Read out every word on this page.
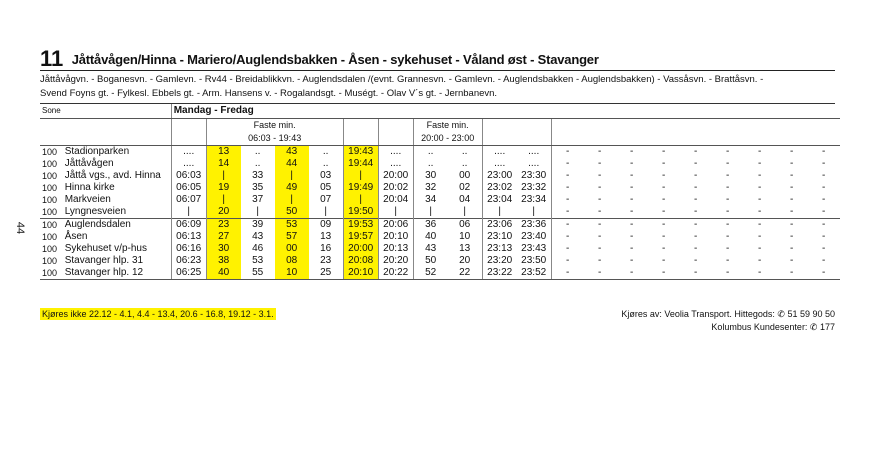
44
11 Jåttåvågen/Hinna - Mariero/Auglendsbakken - Åsen - sykehuset - Våland øst - Stavanger
Jåttåvågvn. - Boganesvn. - Gamlevn. - Rv44 - Breidablikkvn. - Auglendsdalen /(evnt. Grannesvn. - Gamlevn. - Auglendsbakken - Auglendsbakken) - Vassåsvn. - Brattåsvn. -
Svend Foyns gt. - Fylkesl. Ebbels gt. - Arm. Hansens v. - Rogalandsgt. - Muségt. - Olav V´s gt. - Jernbanevn.
Sone		Mandag - Fredag																			
			Faste min.						Faste min.												
			06:03 - 19:43						20:00 - 23:00												
100	Stadionparken	....	13	..	43	..	19:43	....	..	..	....	....	-	-	-	-	-	-	-	-	-
100	Jåttåvågen	....	14	..	44	..	19:44	....	..	..	....	....	-	-	-	-	-	-	-	-	-
100	Jåttå vgs., avd. Hinna	06:03	|	33	|	03	|	20:00	30	00	23:00	23:30	-	-	-	-	-	-	-	-	-
100	Hinna kirke	06:05	19	35	49	05	19:49	20:02	32	02	23:02	23:32	-	-	-	-	-	-	-	-	-
100	Markveien	06:07	|	37	|	07	|	20:04	34	04	23:04	23:34	-	-	-	-	-	-	-	-	-
100	Lyngnesveien	|	20	|	50	|	19:50	|	|	|	|	|	-	-	-	-	-	-	-	-	-
100	Auglendsdalen	06:09	23	39	53	09	19:53	20:06	36	06	23:06	23:36	-	-	-	-	-	-	-	-	-
100	Åsen	06:13	27	43	57	13	19:57	20:10	40	10	23:10	23:40	-	-	-	-	-	-	-	-	-
100	Sykehuset v/p-hus	06:16	30	46	00	16	20:00	20:13	43	13	23:13	23:43	-	-	-	-	-	-	-	-	-
100	Stavanger hlp. 31	06:23	38	53	08	23	20:08	20:20	50	20	23:20	23:50	-	-	-	-	-	-	-	-	-
100	Stavanger hlp. 12	06:25	40	55	10	25	20:10	20:22	52	22	23:22	23:52	-	-	-	-	-	-	-	-	-
Kjøres ikke 22.12 - 4.1, 4.4 - 13.4, 20.6 - 16.8, 19.12 - 3.1.	Kjøres av: Veolia Transport. Hittegods: ✆ 51 59 90 50
Kolumbus Kundesenter: ✆ 177
